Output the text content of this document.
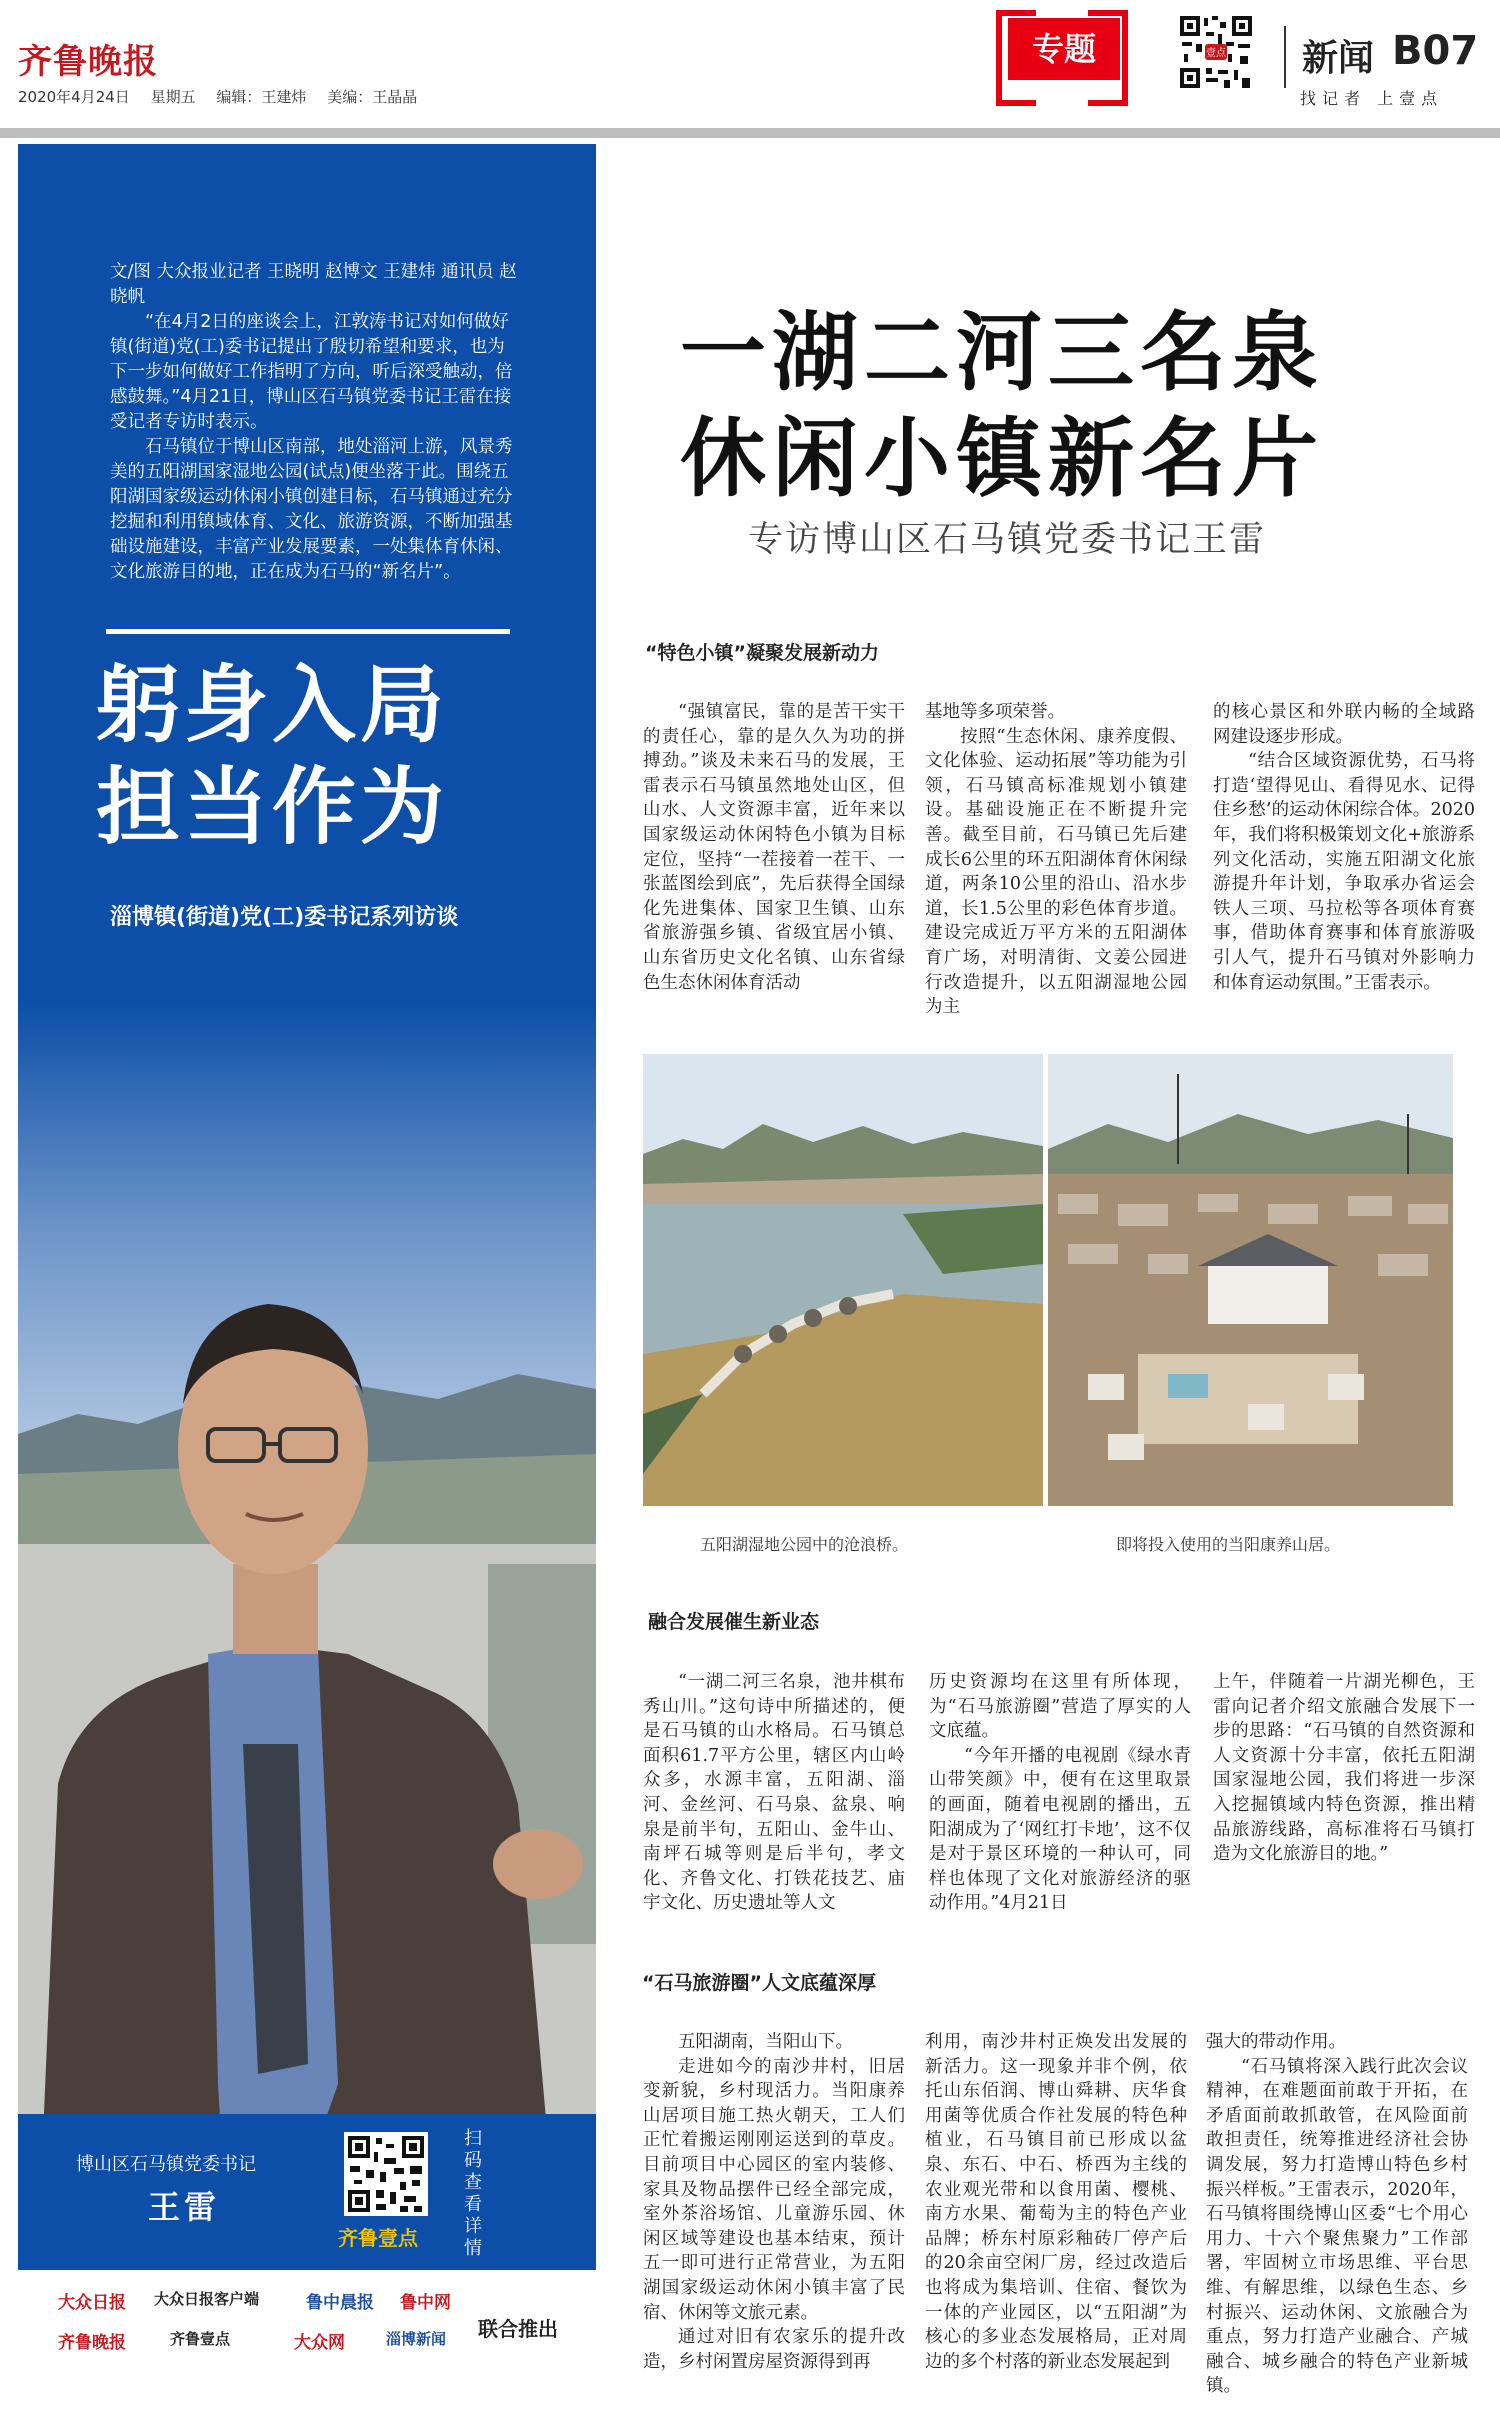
齐鲁晚报
2020年4月24日 星期五 编辑：王建炜 美编：王晶晶
专题	壹点 新闻 B07
找记者 上壹点

文/图 大众报业记者 王晓明 赵博文 王建炜 通讯员 赵晓帆

“在4月2日的座谈会上，江敦涛书记对如何做好镇(街道)党(工)委书记提出了殷切希望和要求，也为下一步如何做好工作指明了方向，听后深受触动，倍感鼓舞。”4月21日，博山区石马镇党委书记王雷在接受记者专访时表示。

石马镇位于博山区南部，地处淄河上游，风景秀美的五阳湖国家湿地公园(试点)便坐落于此。围绕五阳湖国家级运动休闲小镇创建目标，石马镇通过充分挖掘和利用镇域体育、文化、旅游资源，不断加强基础设施建设，丰富产业发展要素，一处集体育休闲、文化旅游目的地，正在成为石马的“新名片”。

躬身入局
担当作为
淄博镇(街道)党(工)委书记系列访谈
博山区石马镇党委书记
王雷
齐鲁壹点
扫码查看详情
大众日报 大众日报客户端	鲁中晨报 鲁中网
齐鲁晚报	齐鲁壹点	大众网	淄博新闻 联合推出
一湖二河三名泉
休闲小镇新名片
专访博山区石马镇党委书记王雷
“特色小镇”凝聚发展新动力

“强镇富民，靠的是苦干实干的责任心，靠的是久久为功的拼搏劲。”谈及未来石马的发展，王雷表示石马镇虽然地处山区，但山水、人文资源丰富，近年来以国家级运动休闲特色小镇为目标定位，坚持“一茬接着一茬干、一张蓝图绘到底”，先后获得全国绿化先进集体、国家卫生镇、山东省旅游强乡镇、省级宜居小镇、山东省历史文化名镇、山东省绿色生态休闲体育活动

基地等多项荣誉。

按照“生态休闲、康养度假、文化体验、运动拓展”等功能为引领，石马镇高标准规划小镇建设。基础设施正在不断提升完善。截至目前，石马镇已先后建成长6公里的环五阳湖体育休闲绿道，两条10公里的沿山、沿水步道，长1.5公里的彩色体育步道。建设完成近万平方米的五阳湖体育广场，对明清街、文姜公园进行改造提升，以五阳湖湿地公园为主

的核心景区和外联内畅的全域路网建设逐步形成。

“结合区域资源优势，石马将打造‘望得见山、看得见水、记得住乡愁’的运动休闲综合体。2020年，我们将积极策划文化+旅游系列文化活动，实施五阳湖文化旅游提升年计划，争取承办省运会铁人三项、马拉松等各项体育赛事，借助体育赛事和体育旅游吸引人气，提升石马镇对外影响力和体育运动氛围。”王雷表示。

五阳湖湿地公园中的沧浪桥。	即将投入使用的当阳康养山居。
融合发展催生新业态

“一湖二河三名泉，池井棋布秀山川。”这句诗中所描述的，便是石马镇的山水格局。石马镇总面积61.7平方公里，辖区内山岭众多，水源丰富，五阳湖、淄河、金丝河、石马泉、盆泉、响泉是前半句，五阳山、金牛山、南坪石城等则是后半句，孝文化、齐鲁文化、打铁花技艺、庙宇文化、历史遗址等人文

历史资源均在这里有所体现，为“石马旅游圈”营造了厚实的人文底蕴。

“今年开播的电视剧《绿水青山带笑颜》中，便有在这里取景的画面，随着电视剧的播出，五阳湖成为了‘网红打卡地’，这不仅是对于景区环境的一种认可，同样也体现了文化对旅游经济的驱动作用。”4月21日

上午，伴随着一片湖光柳色，王雷向记者介绍文旅融合发展下一步的思路：“石马镇的自然资源和人文资源十分丰富，依托五阳湖国家湿地公园，我们将进一步深入挖掘镇域内特色资源，推出精品旅游线路，高标准将石马镇打造为文化旅游目的地。”

“石马旅游圈”人文底蕴深厚

五阳湖南，当阳山下。

走进如今的南沙井村，旧居变新貌，乡村现活力。当阳康养山居项目施工热火朝天，工人们正忙着搬运刚刚运送到的草皮。目前项目中心园区的室内装修、家具及物品摆件已经全部完成，室外茶浴场馆、儿童游乐园、休闲区域等建设也基本结束，预计五一即可进行正常营业，为五阳湖国家级运动休闲小镇丰富了民宿、休闲等文旅元素。

通过对旧有农家乐的提升改造，乡村闲置房屋资源得到再

利用，南沙井村正焕发出发展的新活力。这一现象并非个例，依托山东佰润、博山舜耕、庆华食用菌等优质合作社发展的特色种植业，石马镇目前已形成以盆泉、东石、中石、桥西为主线的农业观光带和以食用菌、樱桃、南方水果、葡萄为主的特色产业品牌；桥东村原彩釉砖厂停产后的20余亩空闲厂房，经过改造后也将成为集培训、住宿、餐饮为一体的产业园区，以“五阳湖”为核心的多业态发展格局，正对周边的多个村落的新业态发展起到

强大的带动作用。

“石马镇将深入践行此次会议精神，在难题面前敢于开拓，在矛盾面前敢抓敢管，在风险面前敢担责任，统筹推进经济社会协调发展，努力打造博山特色乡村振兴样板。”王雷表示，2020年，石马镇将围绕博山区委“七个用心用力、十六个聚焦聚力”工作部署，牢固树立市场思维、平台思维、有解思维，以绿色生态、乡村振兴、运动休闲、文旅融合为重点，努力打造产业融合、产城融合、城乡融合的特色产业新城镇。
